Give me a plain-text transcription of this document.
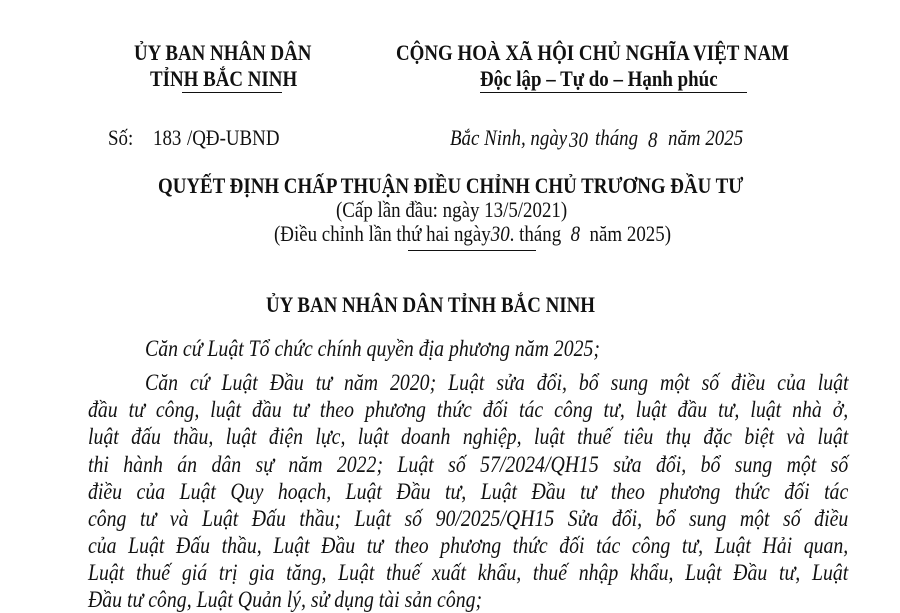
ỦY BAN NHÂN DÂN
TỈNH BẮC NINH
CỘNG HOÀ XÃ HỘI CHỦ NGHĨA VIỆT NAM
Độc lập – Tự do – Hạnh phúc
Số: 183 /QĐ-UBND	Bắc Ninh, ngày 30 tháng 8 năm 2025
QUYẾT ĐỊNH CHẤP THUẬN ĐIỀU CHỈNH CHỦ TRƯƠNG ĐẦU TƯ
(Cấp lần đầu: ngày 13/5/2021)
(Điều chỉnh lần thứ hai ngày30. tháng 8 năm 2025)
ỦY BAN NHÂN DÂN TỈNH BẮC NINH
Căn cứ Luật Tổ chức chính quyền địa phương năm 2025;
Căn cứ Luật Đầu tư năm 2020; Luật sửa đổi, bổ sung một số điều của luật
đầu tư công, luật đầu tư theo phương thức đối tác công tư, luật đầu tư, luật nhà ở,
luật đấu thầu, luật điện lực, luật doanh nghiệp, luật thuế tiêu thụ đặc biệt và luật
thi hành án dân sự năm 2022; Luật số 57/2024/QH15 sửa đổi, bổ sung một số
điều của Luật Quy hoạch, Luật Đầu tư, Luật Đầu tư theo phương thức đối tác
công tư và Luật Đấu thầu; Luật số 90/2025/QH15 Sửa đổi, bổ sung một số điều
của Luật Đấu thầu, Luật Đầu tư theo phương thức đối tác công tư, Luật Hải quan,
Luật thuế giá trị gia tăng, Luật thuế xuất khẩu, thuế nhập khẩu, Luật Đầu tư, Luật
Đầu tư công, Luật Quản lý, sử dụng tài sản công;
